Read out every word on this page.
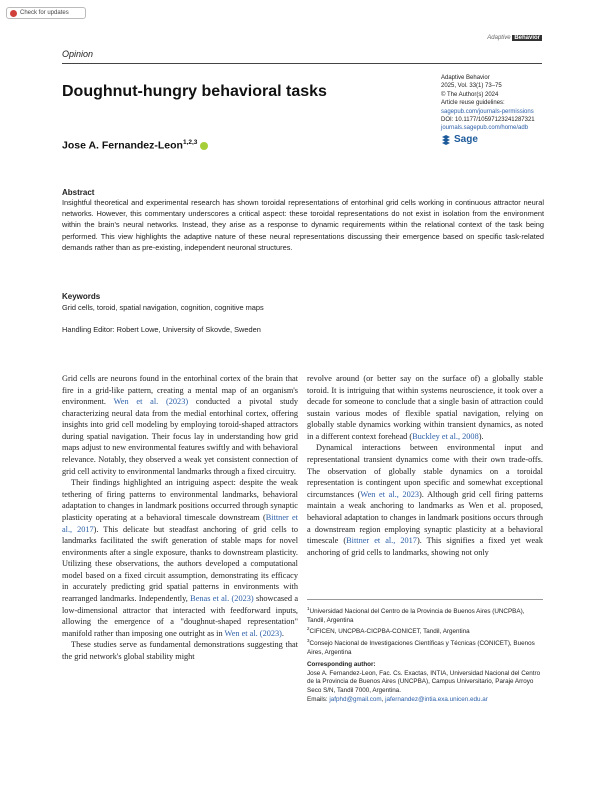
Check for updates
Adaptive Behavior
Opinion
Doughnut-hungry behavioral tasks
Jose A. Fernandez-Leon$^{1,2,3}$
Adaptive Behavior
2025, Vol. 33(1) 73–75
© The Author(s) 2024
Article reuse guidelines:
sagepub.com/journals-permissions
DOI: 10.1177/10597123241287321
journals.sagepub.com/home/adb
Sage
Abstract
Insightful theoretical and experimental research has shown toroidal representations of entorhinal grid cells working in continuous attractor neural networks. However, this commentary underscores a critical aspect: these toroidal representations do not exist in isolation from the environment within the brain's neural networks. Instead, they arise as a response to dynamic requirements within the relational context of the task being performed. This view highlights the adaptive nature of these neural representations discussing their emergence based on specific task-related demands rather than as pre-existing, independent neuronal structures.
Keywords
Grid cells, toroid, spatial navigation, cognition, cognitive maps
Handling Editor: Robert Lowe, University of Skovde, Sweden

Grid cells are neurons found in the entorhinal cortex of the brain that fire in a grid-like pattern, creating a mental map of an organism's environment. Wen et al. (2023) conducted a pivotal study characterizing neural data from the medial entorhinal cortex, offering insights into grid cell modeling by employing toroid-shaped attractors during spatial navigation. Their focus lay in understanding how grid maps adjust to new environmental features swiftly and with behavioral relevance. Notably, they observed a weak yet consistent connection of grid cell activity to environmental landmarks through a fixed circuitry.

Their findings highlighted an intriguing aspect: despite the weak tethering of firing patterns to environmental landmarks, behavioral adaptation to changes in landmark positions occurred through synaptic plasticity operating at a behavioral timescale downstream (Bittner et al., 2017). This delicate but steadfast anchoring of grid cells to landmarks facilitated the swift generation of stable maps for novel environments after a single exposure, thanks to downstream plasticity. Utilizing these observations, the authors developed a computational model based on a fixed circuit assumption, demonstrating its efficacy in accurately predicting grid spatial patterns in environments with rearranged landmarks. Independently, Benas et al. (2023) showcased a low-dimensional attractor that interacted with feedforward inputs, allowing the emergence of a "doughnut-shaped representation" manifold rather than imposing one outright as in Wen et al. (2023).

These studies serve as fundamental demonstrations suggesting that the grid network's global stability might

revolve around (or better say on the surface of) a globally stable toroid. It is intriguing that within systems neuroscience, it took over a decade for someone to conclude that a single basin of attraction could sustain various modes of flexible spatial navigation, relying on globally stable dynamics working within transient dynamics, as noted in a different context forehead (Buckley et al., 2008).

Dynamical interactions between environmental input and representational transient dynamics come with their own trade-offs. The observation of globally stable dynamics on a toroidal representation is contingent upon specific and somewhat exceptional circumstances (Wen et al., 2023). Although grid cell firing patterns maintain a weak anchoring to landmarks as Wen et al. proposed, behavioral adaptation to changes in landmark positions occurs through a downstream region employing synaptic plasticity at a behavioral timescale (Bittner et al., 2017). This signifies a fixed yet weak anchoring of grid cells to landmarks, showing not only

$^1$Universidad Nacional del Centro de la Provincia de Buenos Aires (UNCPBA), Tandil, Argentina
$^2$CIFICEN, UNCPBA-CICPBA-CONICET, Tandil, Argentina
$^3$Consejo Nacional de Investigaciones Científicas y Técnicas (CONICET), Buenos Aires, Argentina
Corresponding author:
Jose A. Fernandez-Leon, Fac. Cs. Exactas, INTIA, Universidad Nacional del Centro de la Provincia de Buenos Aires (UNCPBA), Campus Universitario, Paraje Arroyo Seco S/N, Tandil 7000, Argentina.
Emails: jafphd@gmail.com, jafernandez@intia.exa.unicen.edu.ar
